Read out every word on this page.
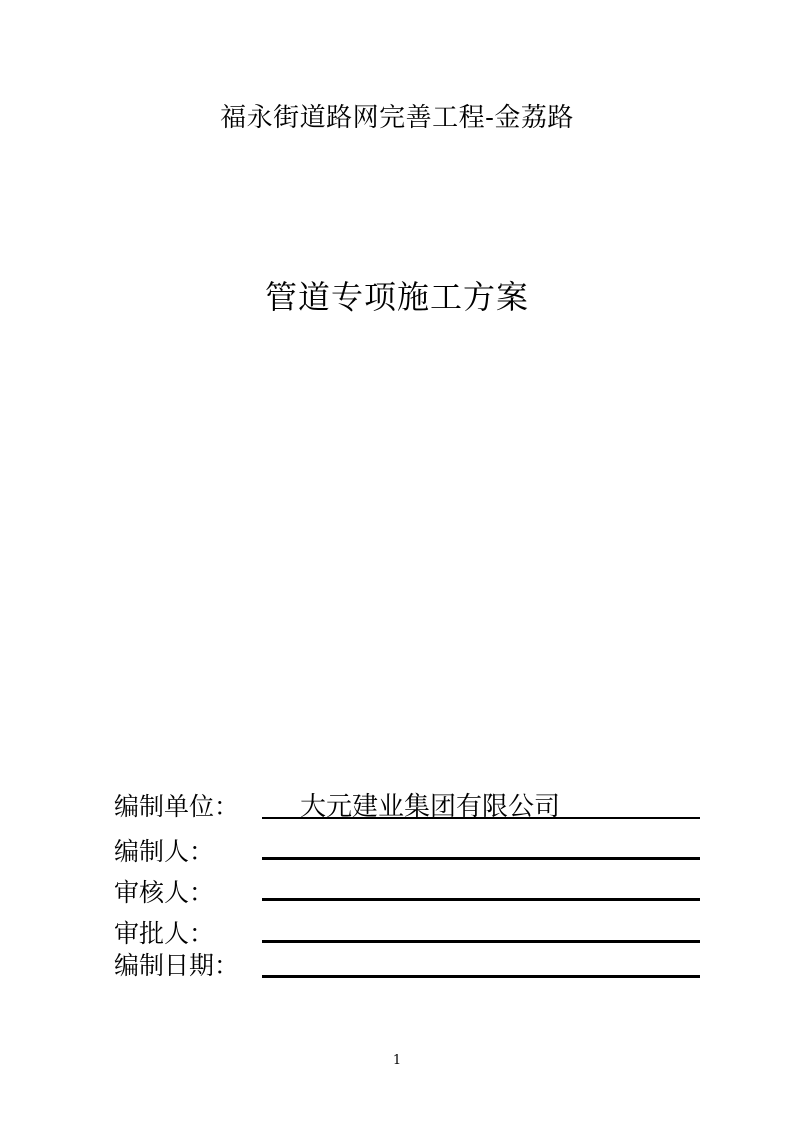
福永街道路网完善工程-金荔路
管道专项施工方案
编制单位： 大元建业集团有限公司
编制人：
审核人：
审批人：
编制日期：
1
